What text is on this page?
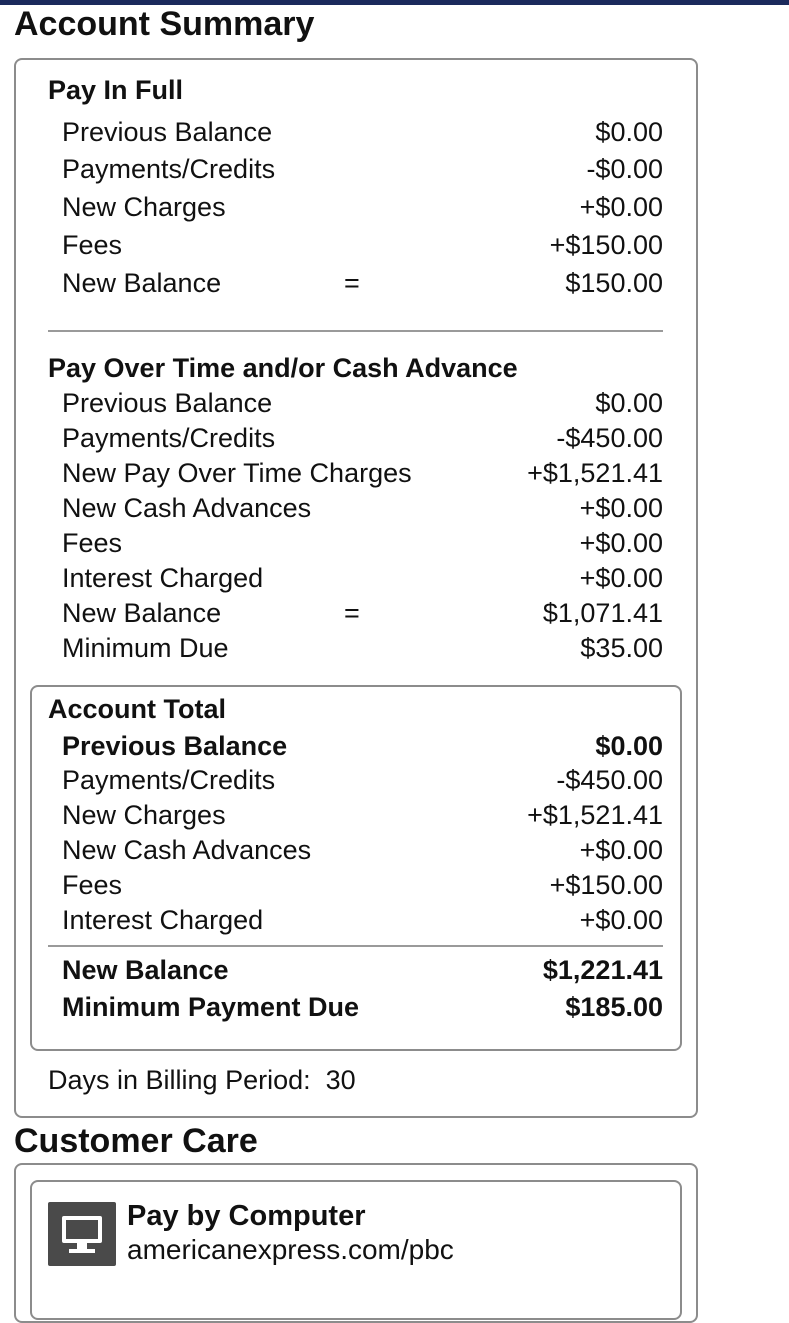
Account Summary
Pay In Full
Previous Balance	$0.00
Payments/Credits	-$0.00
New Charges	+$0.00
Fees	+$150.00
New Balance	=	$150.00
Pay Over Time and/or Cash Advance
Previous Balance	$0.00
Payments/Credits	-$450.00
New Pay Over Time Charges	+$1,521.41
New Cash Advances	+$0.00
Fees	+$0.00
Interest Charged	+$0.00
New Balance	=	$1,071.41
Minimum Due	$35.00
Account Total
Previous Balance	$0.00
Payments/Credits	-$450.00
New Charges	+$1,521.41
New Cash Advances	+$0.00
Fees	+$150.00
Interest Charged	+$0.00
New Balance	$1,221.41
Minimum Payment Due	$185.00
Days in Billing Period: 30
Customer Care
Pay by Computer
americanexpress.com/pbc
